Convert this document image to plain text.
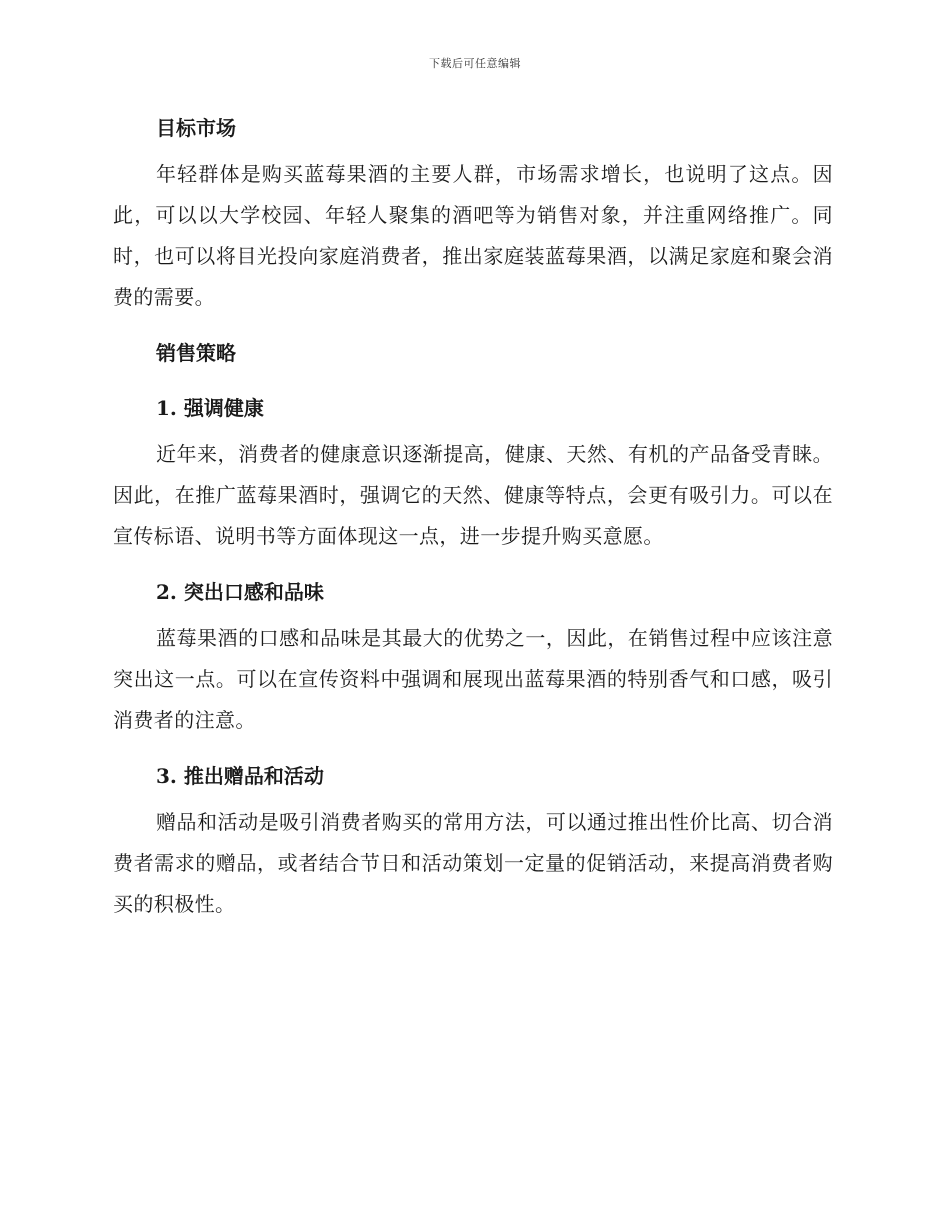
下载后可任意编辑
目标市场

年轻群体是购买蓝莓果酒的主要人群，市场需求增长，也说明了这点。因此，可以以大学校园、年轻人聚集的酒吧等为销售对象，并注重网络推广。同时，也可以将目光投向家庭消费者，推出家庭装蓝莓果酒，以满足家庭和聚会消费的需要。

销售策略
1. 强调健康

近年来，消费者的健康意识逐渐提高，健康、天然、有机的产品备受青睐。因此，在推广蓝莓果酒时，强调它的天然、健康等特点，会更有吸引力。可以在宣传标语、说明书等方面体现这一点，进一步提升购买意愿。

2. 突出口感和品味

蓝莓果酒的口感和品味是其最大的优势之一，因此，在销售过程中应该注意突出这一点。可以在宣传资料中强调和展现出蓝莓果酒的特别香气和口感，吸引消费者的注意。

3. 推出赠品和活动

赠品和活动是吸引消费者购买的常用方法，可以通过推出性价比高、切合消费者需求的赠品，或者结合节日和活动策划一定量的促销活动，来提高消费者购买的积极性。
